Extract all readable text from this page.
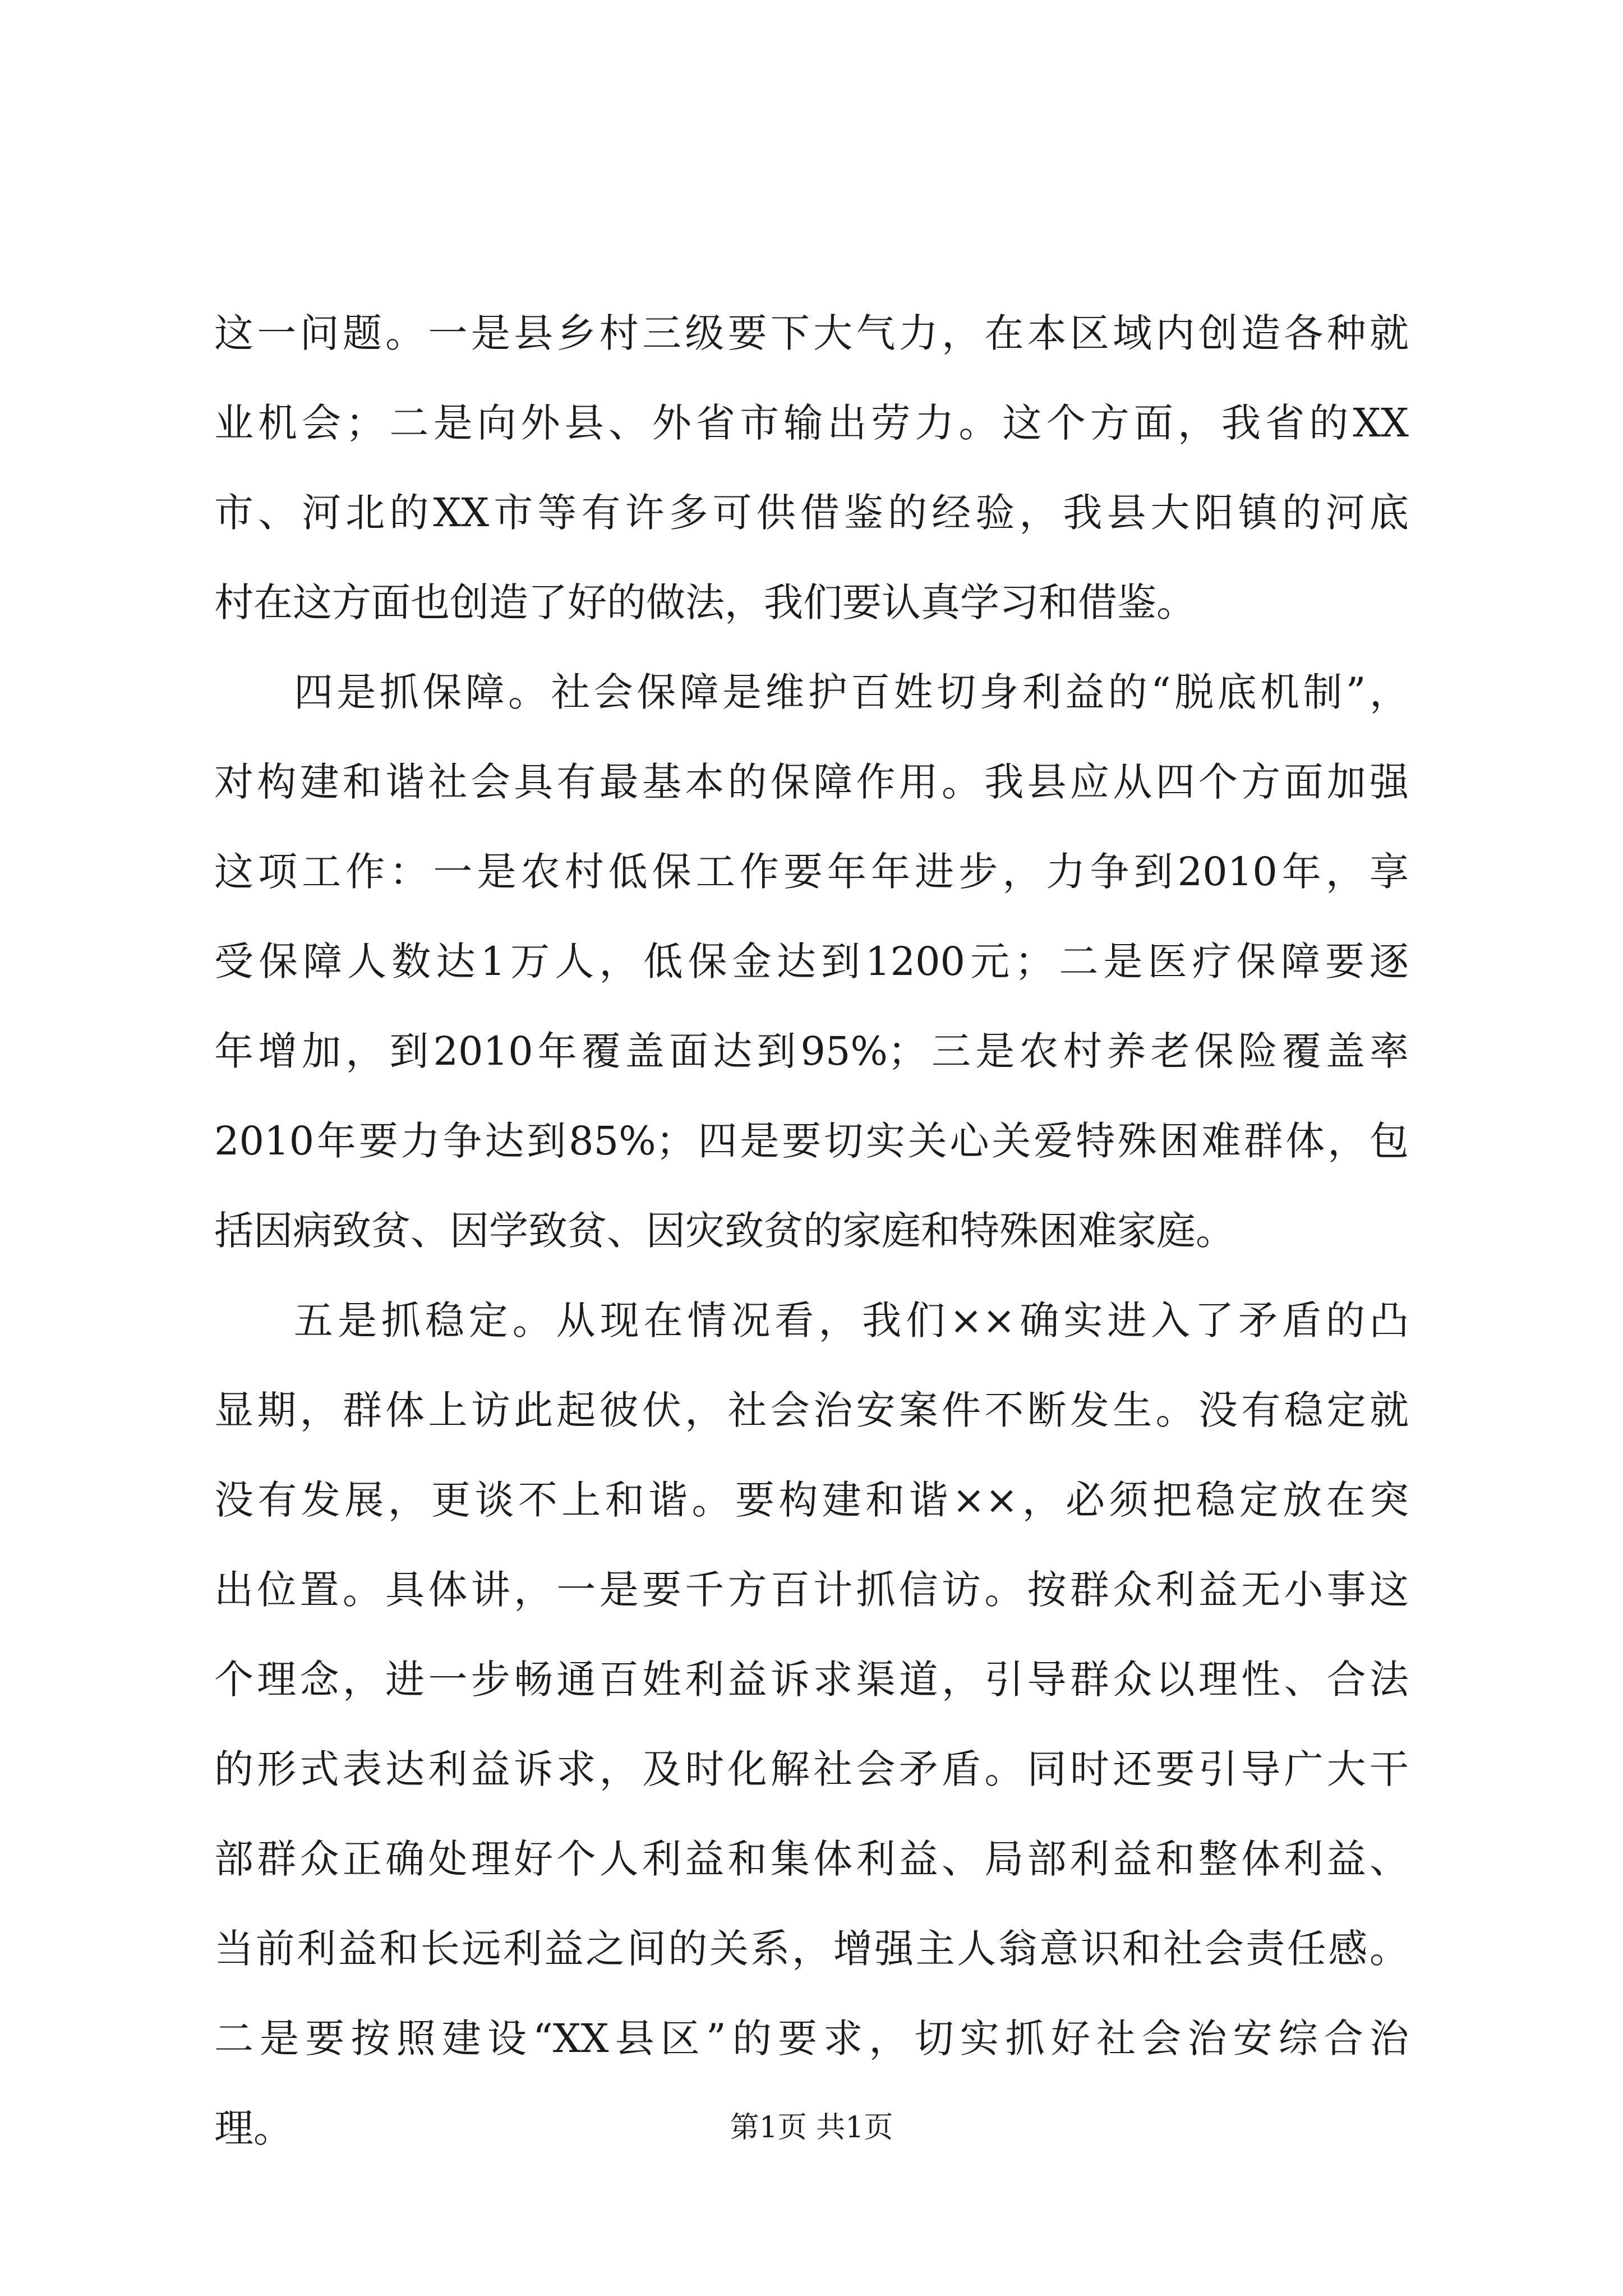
这一问题。一是县乡村三级要下大气力，在本区域内创造各种就
业机会；二是向外县、外省市输出劳力。这个方面，我省的XX
市、河北的XX市等有许多可供借鉴的经验，我县大阳镇的河底
村在这方面也创造了好的做法，我们要认真学习和借鉴。
四是抓保障。社会保障是维护百姓切身利益的“脱底机制”，
对构建和谐社会具有最基本的保障作用。我县应从四个方面加强
这项工作：一是农村低保工作要年年进步，力争到2010年，享
受保障人数达1万人，低保金达到1200元；二是医疗保障要逐
年增加，到2010年覆盖面达到95%；三是农村养老保险覆盖率
2010年要力争达到85%；四是要切实关心关爱特殊困难群体，包
括因病致贫、因学致贫、因灾致贫的家庭和特殊困难家庭。
五是抓稳定。从现在情况看，我们××确实进入了矛盾的凸
显期，群体上访此起彼伏，社会治安案件不断发生。没有稳定就
没有发展，更谈不上和谐。要构建和谐××，必须把稳定放在突
出位置。具体讲，一是要千方百计抓信访。按群众利益无小事这
个理念，进一步畅通百姓利益诉求渠道，引导群众以理性、合法
的形式表达利益诉求，及时化解社会矛盾。同时还要引导广大干
部群众正确处理好个人利益和集体利益、局部利益和整体利益、
当前利益和长远利益之间的关系，增强主人翁意识和社会责任感。
二是要按照建设“XX县区”的要求，切实抓好社会治安综合治
理。	第1页 共1页
